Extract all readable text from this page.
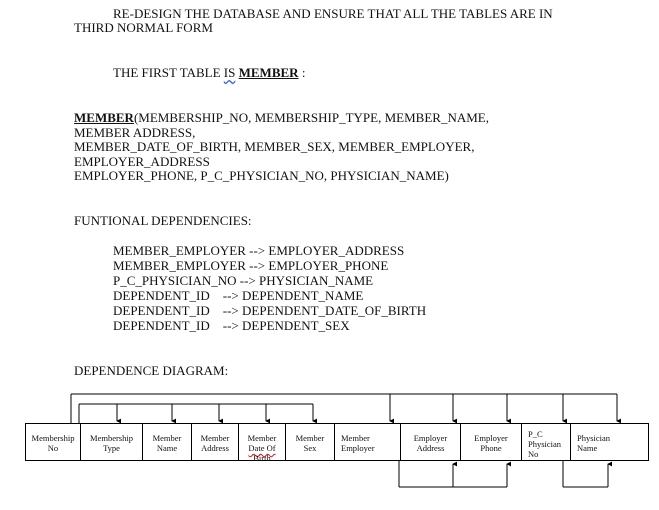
RE-DESIGN THE DATABASE AND ENSURE THAT ALL THE TABLES ARE IN
THIRD NORMAL FORM
THE FIRST TABLE IS MEMBER :
MEMBER(MEMBERSHIP_NO, MEMBERSHIP_TYPE, MEMBER_NAME,
MEMBER ADDRESS,
MEMBER_DATE_OF_BIRTH, MEMBER_SEX, MEMBER_EMPLOYER,
EMPLOYER_ADDRESS
EMPLOYER_PHONE, P_C_PHYSICIAN_NO, PHYSICIAN_NAME)
FUNTIONAL DEPENDENCIES:
MEMBER_EMPLOYER --> EMPLOYER_ADDRESS
MEMBER_EMPLOYER --> EMPLOYER_PHONE
P_C_PHYSICIAN_NO --> PHYSICIAN_NAME
DEPENDENT_ID    --> DEPENDENT_NAME
DEPENDENT_ID    --> DEPENDENT_DATE_OF_BIRTH
DEPENDENT_ID    --> DEPENDENT_SEX
DEPENDENCE DIAGRAM:
Membership
No
Membership
Type
Member
Name
Member
Address
Member
Date Of
Birth
Member
Sex
Member
Employer
Employer
Address
Employer
Phone
P_C
Physician
No
Physician
Name
